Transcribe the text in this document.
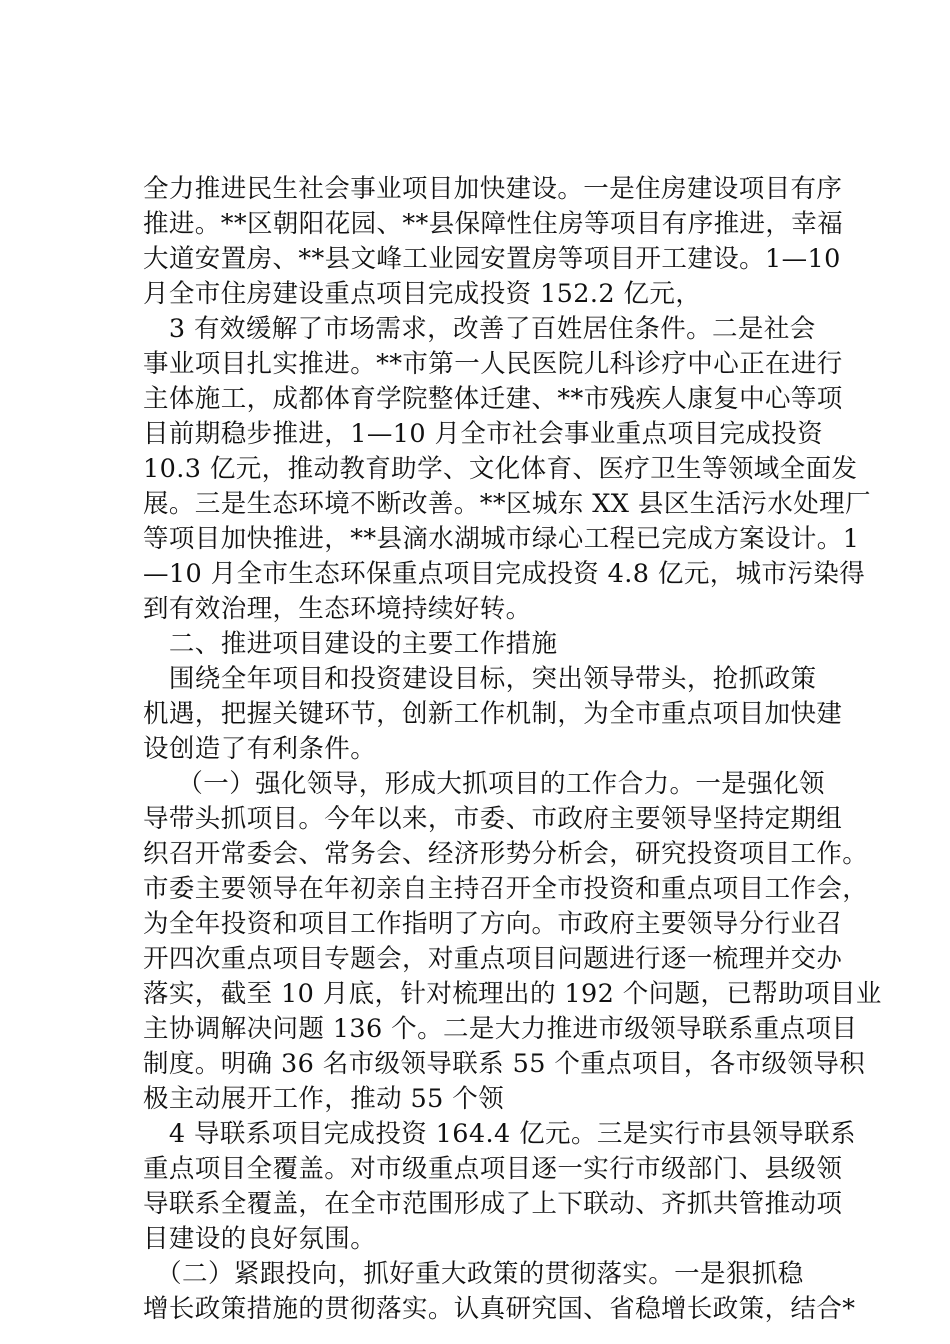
全力推进民生社会事业项目加快建设。一是住房建设项目有序
推进。**区朝阳花园、**县保障性住房等项目有序推进，幸福
大道安置房、**县文峰工业园安置房等项目开工建设。1—10
月全市住房建设重点项目完成投资 152.2 亿元，
　3 有效缓解了市场需求，改善了百姓居住条件。二是社会
事业项目扎实推进。**市第一人民医院儿科诊疗中心正在进行
主体施工，成都体育学院整体迁建、**市残疾人康复中心等项
目前期稳步推进，1—10 月全市社会事业重点项目完成投资
10.3 亿元，推动教育助学、文化体育、医疗卫生等领域全面发
展。三是生态环境不断改善。**区城东 XX 县区生活污水处理厂
等项目加快推进，**县滴水湖城市绿心工程已完成方案设计。1
—10 月全市生态环保重点项目完成投资 4.8 亿元，城市污染得
到有效治理，生态环境持续好转。
　二、推进项目建设的主要工作措施
　围绕全年项目和投资建设目标，突出领导带头，抢抓政策
机遇，把握关键环节，创新工作机制，为全市重点项目加快建
设创造了有利条件。
　 （一）强化领导，形成大抓项目的工作合力。一是强化领
导带头抓项目。今年以来，市委、市政府主要领导坚持定期组
织召开常委会、常务会、经济形势分析会，研究投资项目工作。
市委主要领导在年初亲自主持召开全市投资和重点项目工作会，
为全年投资和项目工作指明了方向。市政府主要领导分行业召
开四次重点项目专题会，对重点项目问题进行逐一梳理并交办
落实，截至 10 月底，针对梳理出的 192 个问题，已帮助项目业
主协调解决问题 136 个。二是大力推进市级领导联系重点项目
制度。明确 36 名市级领导联系 55 个重点项目，各市级领导积
极主动展开工作，推动 55 个领
　4 导联系项目完成投资 164.4 亿元。三是实行市县领导联系
重点项目全覆盖。对市级重点项目逐一实行市级部门、县级领
导联系全覆盖，在全市范围形成了上下联动、齐抓共管推动项
目建设的良好氛围。
　（二）紧跟投向，抓好重大政策的贯彻落实。一是狠抓稳
增长政策措施的贯彻落实。认真研究国、省稳增长政策，结合*
